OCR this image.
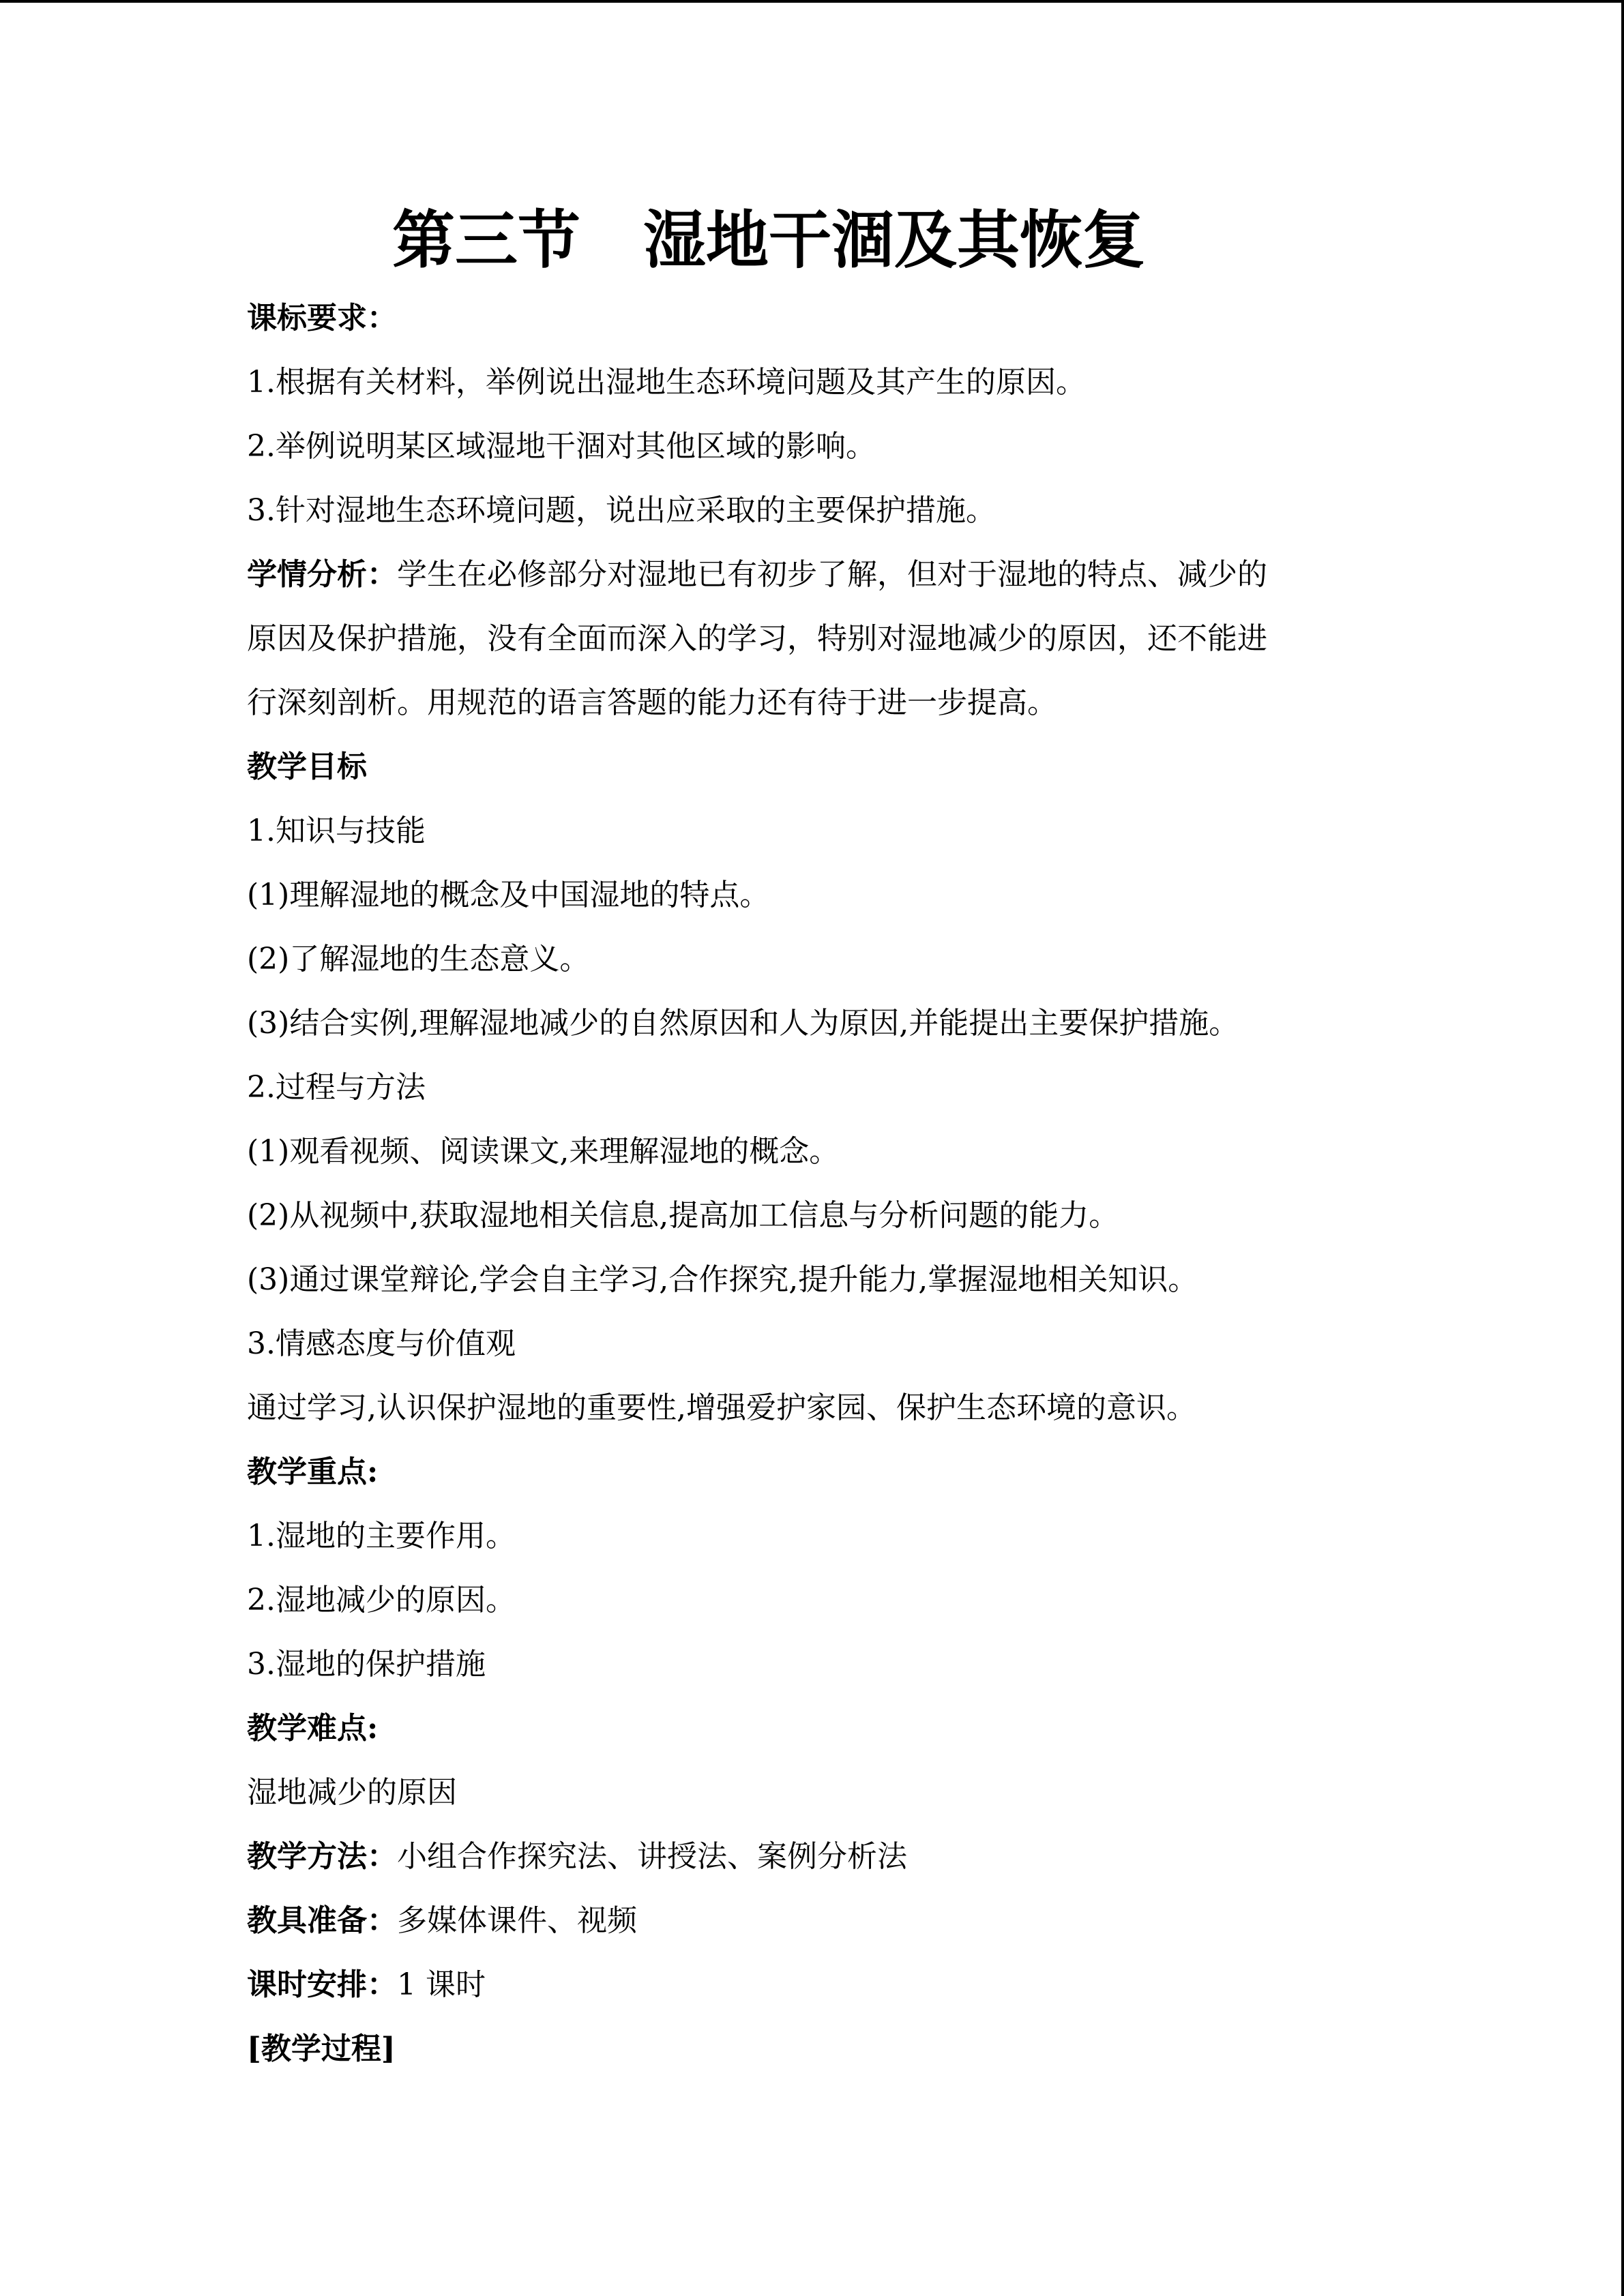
第三节 湿地干涸及其恢复
课标要求：
1.根据有关材料，举例说出湿地生态环境问题及其产生的原因。
2.举例说明某区域湿地干涸对其他区域的影响。
3.针对湿地生态环境问题，说出应采取的主要保护措施。
学情分析：学生在必修部分对湿地已有初步了解，但对于湿地的特点、减少的
原因及保护措施，没有全面而深入的学习，特别对湿地减少的原因，还不能进
行深刻剖析。用规范的语言答题的能力还有待于进一步提高。
教学目标
1.知识与技能
(1)理解湿地的概念及中国湿地的特点。
(2)了解湿地的生态意义。
(3)结合实例,理解湿地减少的自然原因和人为原因,并能提出主要保护措施。
2.过程与方法
(1)观看视频、阅读课文,来理解湿地的概念。
(2)从视频中,获取湿地相关信息,提高加工信息与分析问题的能力。
(3)通过课堂辩论,学会自主学习,合作探究,提升能力,掌握湿地相关知识。
3.情感态度与价值观
通过学习,认识保护湿地的重要性,增强爱护家园、保护生态环境的意识。
教学重点:
1.湿地的主要作用。
2.湿地减少的原因。
3.湿地的保护措施
教学难点:
湿地减少的原因
教学方法：小组合作探究法、讲授法、案例分析法
教具准备：多媒体课件、视频
课时安排：1 课时
[教学过程]
